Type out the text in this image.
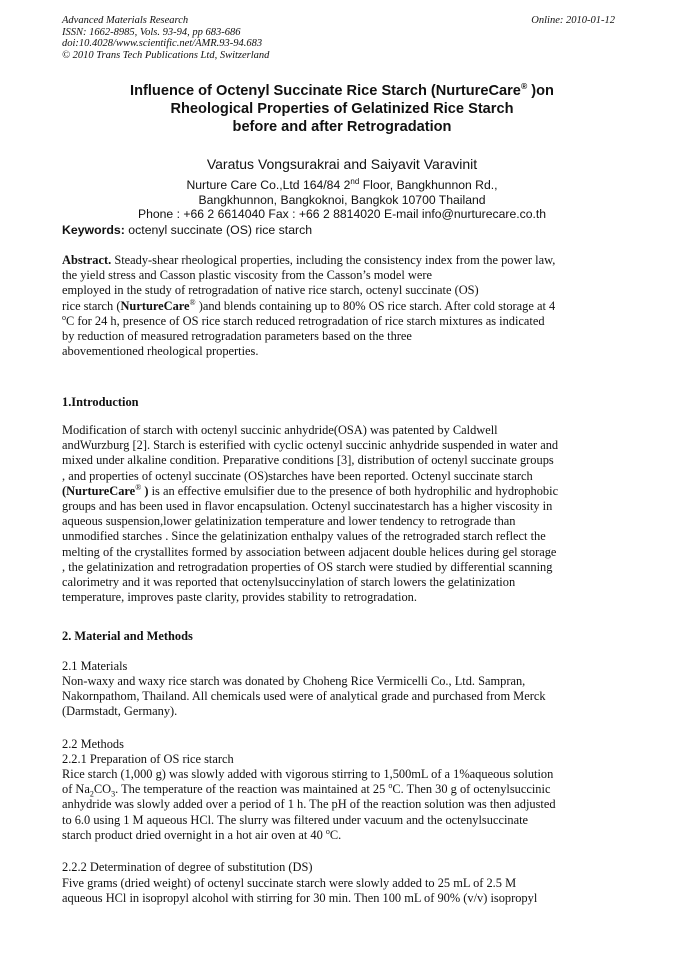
Advanced Materials Research
ISSN: 1662-8985, Vols. 93-94, pp 683-686
doi:10.4028/www.scientific.net/AMR.93-94.683
© 2010 Trans Tech Publications Ltd, Switzerland
Online: 2010-01-12
Influence of Octenyl Succinate Rice Starch (NurtureCare® )on
Rheological Properties of Gelatinized Rice Starch
before and after Retrogradation
Varatus Vongsurakrai and Saiyavit Varavinit
Nurture Care Co.,Ltd 164/84 2nd Floor, Bangkhunnon Rd.,
Bangkhunnon, Bangkoknoi, Bangkok 10700 Thailand
Phone : +66 2 6614040 Fax : +66 2 8814020 E-mail info@nurturecare.co.th
Keywords: octenyl succinate (OS) rice starch
Abstract. Steady-shear rheological properties, including the consistency index from the power law,
the yield stress and Casson plastic viscosity from the Casson’s model were
employed in the study of retrogradation of native rice starch, octenyl succinate (OS)
rice starch (NurtureCare® )and blends containing up to 80% OS rice starch. After cold storage at 4
$^o$C for 24 h, presence of OS rice starch reduced retrogradation of rice starch mixtures as indicated
by reduction of measured retrogradation parameters based on the three
abovementioned rheological properties.
1.Introduction
Modification of starch with octenyl succinic anhydride(OSA) was patented by Caldwell
andWurzburg [2]. Starch is esterified with cyclic octenyl succinic anhydride suspended in water and
mixed under alkaline condition. Preparative conditions [3], distribution of octenyl succinate groups
, and properties of octenyl succinate (OS)starches have been reported. Octenyl succinate starch
(NurtureCare® ) is an effective emulsifier due to the presence of both hydrophilic and hydrophobic
groups and has been used in flavor encapsulation. Octenyl succinatestarch has a higher viscosity in
aqueous suspension,lower gelatinization temperature and lower tendency to retrograde than
unmodified starches . Since the gelatinization enthalpy values of the retrograded starch reflect the
melting of the crystallites formed by association between adjacent double helices during gel storage
, the gelatinization and retrogradation properties of OS starch were studied by differential scanning
calorimetry and it was reported that octenylsuccinylation of starch lowers the gelatinization
temperature, improves paste clarity, provides stability to retrogradation.
2. Material and Methods
2.1 Materials
Non-waxy and waxy rice starch was donated by Choheng Rice Vermicelli Co., Ltd. Sampran,
Nakornpathom, Thailand. All chemicals used were of analytical grade and purchased from Merck
(Darmstadt, Germany).
2.2 Methods
2.2.1 Preparation of OS rice starch
Rice starch (1,000 g) was slowly added with vigorous stirring to 1,500mL of a 1%aqueous solution
of $Na_2CO_3$. The temperature of the reaction was maintained at 25 $^o$C. Then 30 g of octenylsuccinic
anhydride was slowly added over a period of 1 h. The pH of the reaction solution was then adjusted
to 6.0 using 1 M aqueous HCl. The slurry was filtered under vacuum and the octenylsuccinate
starch product dried overnight in a hot air oven at 40 $^o$C.
2.2.2 Determination of degree of substitution (DS)
Five grams (dried weight) of octenyl succinate starch were slowly added to 25 mL of 2.5 M
aqueous HCl in isopropyl alcohol with stirring for 30 min. Then 100 mL of 90% (v/v) isopropyl
